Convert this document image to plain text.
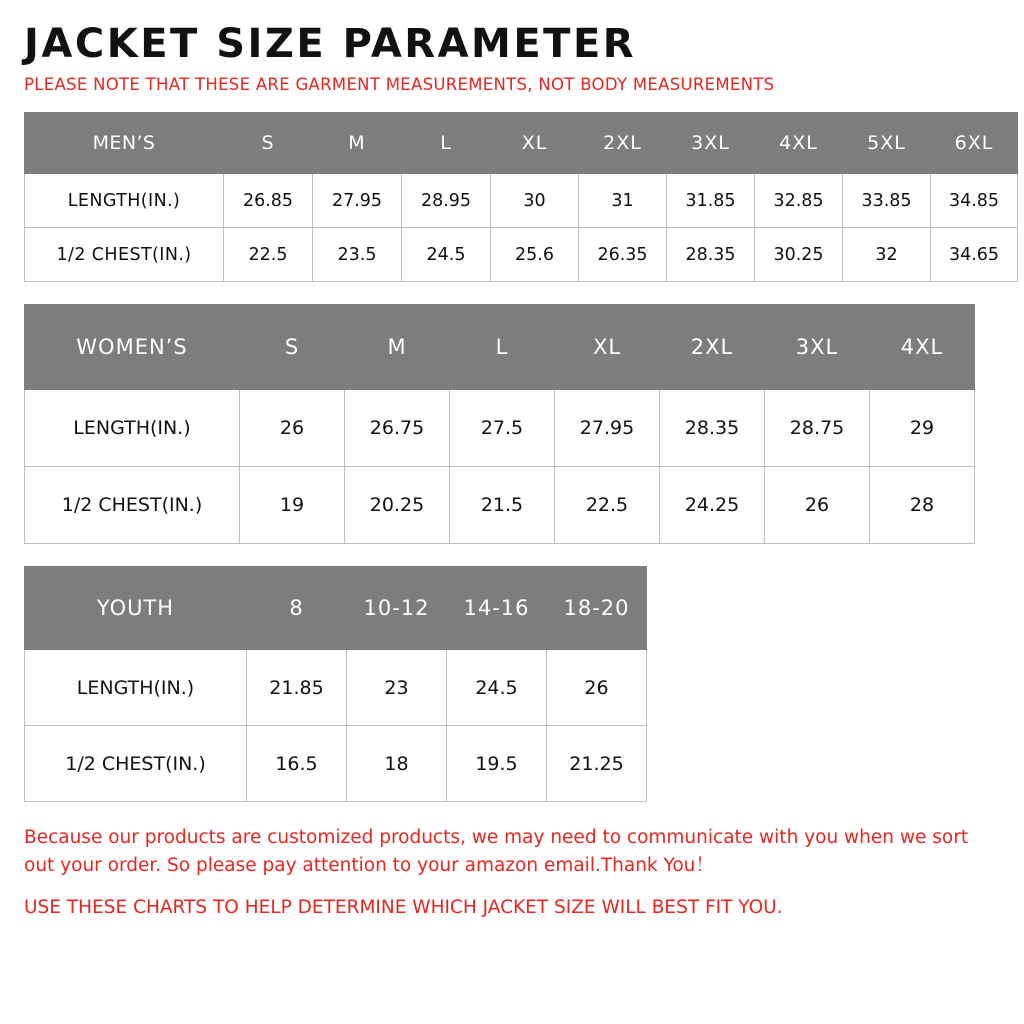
JACKET SIZE PARAMETER

PLEASE NOTE THAT THESE ARE GARMENT MEASUREMENTS, NOT BODY MEASUREMENTS

MEN’S	S	M	L	XL	2XL	3XL	4XL	5XL	6XL
LENGTH(IN.)	26.85	27.95	28.95	30	31	31.85	32.85	33.85	34.85
1/2 CHEST(IN.)	22.5	23.5	24.5	25.6	26.35	28.35	30.25	32	34.65
WOMEN’S	S	M	L	XL	2XL	3XL	4XL
LENGTH(IN.)	26	26.75	27.5	27.95	28.35	28.75	29
1/2 CHEST(IN.)	19	20.25	21.5	22.5	24.25	26	28
YOUTH	8	10-12	14-16	18-20
LENGTH(IN.)	21.85	23	24.5	26
1/2 CHEST(IN.)	16.5	18	19.5	21.25

Because our products are customized products, we may need to communicate with you when we sort out your order. So please pay attention to your amazon email.Thank You！

USE THESE CHARTS TO HELP DETERMINE WHICH JACKET SIZE WILL BEST FIT YOU.
